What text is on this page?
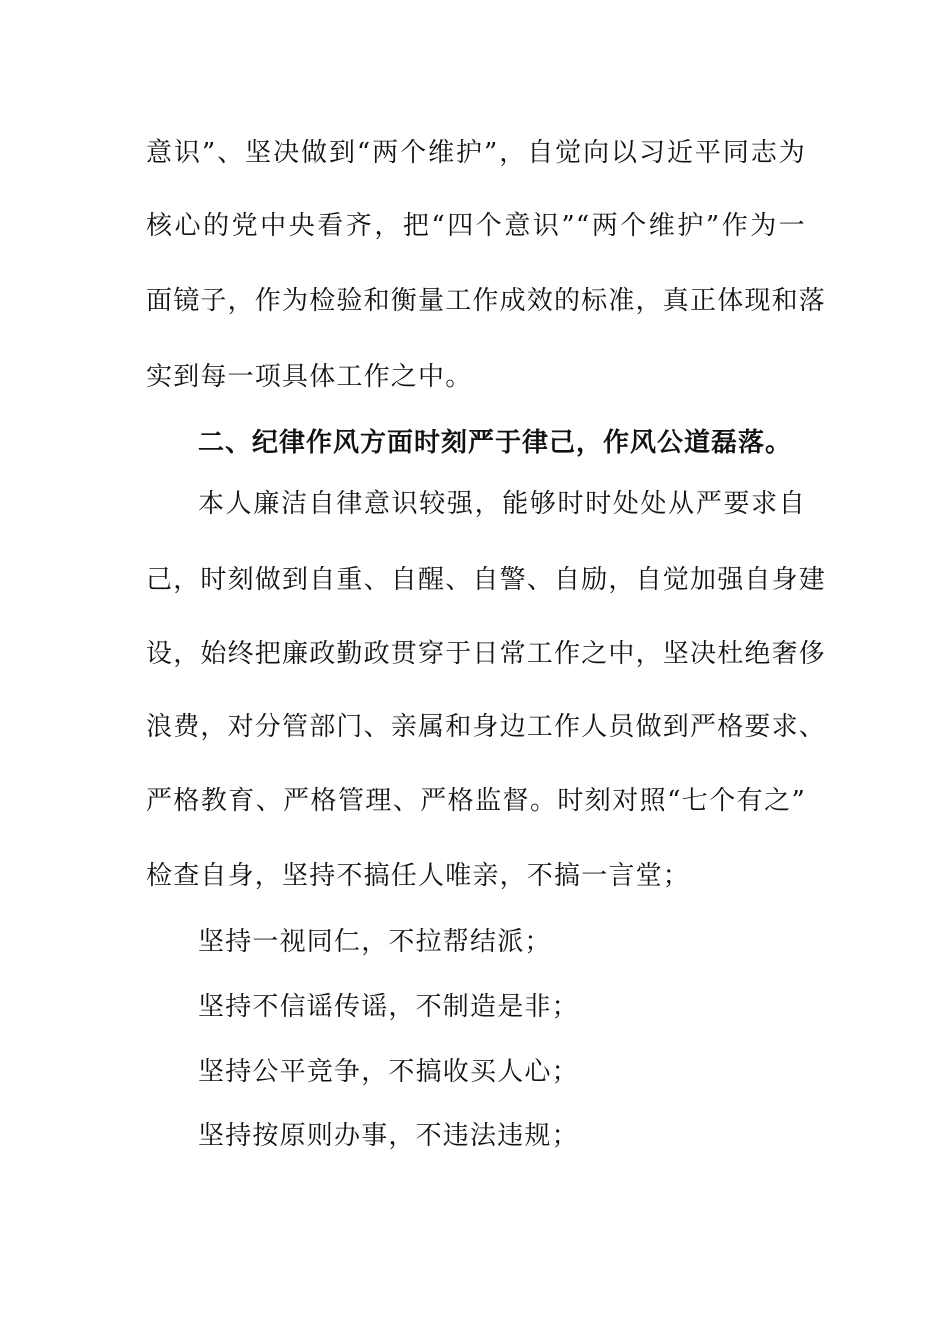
意识”、坚决做到“两个维护”，自觉向以习近平同志为
核心的党中央看齐，把“四个意识”“两个维护”作为一
面镜子，作为检验和衡量工作成效的标准，真正体现和落
实到每一项具体工作之中。
二、纪律作风方面时刻严于律己，作风公道磊落。
本人廉洁自律意识较强，能够时时处处从严要求自
己，时刻做到自重、自醒、自警、自励，自觉加强自身建
设，始终把廉政勤政贯穿于日常工作之中，坚决杜绝奢侈
浪费，对分管部门、亲属和身边工作人员做到严格要求、
严格教育、严格管理、严格监督。时刻对照“七个有之”
检查自身，坚持不搞任人唯亲，不搞一言堂；
坚持一视同仁，不拉帮结派；
坚持不信谣传谣，不制造是非；
坚持公平竞争，不搞收买人心；
坚持按原则办事，不违法违规；
